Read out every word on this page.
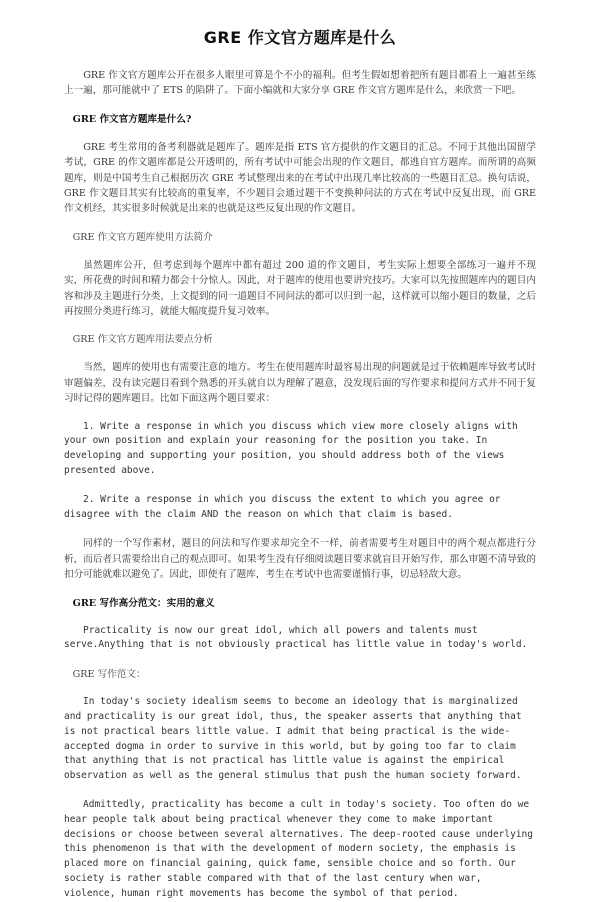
GRE 作文官方题库是什么
GRE 作文官方题库公开在很多人眼里可算是个不小的福利。但考生假如想着把所有题目都看上一遍甚至练上一遍，那可能就中了 ETS 的陷阱了。下面小编就和大家分享 GRE 作文官方题库是什么，来欣赏一下吧。
GRE 作文官方题库是什么?
GRE 考生常用的备考利器就是题库了。题库是指 ETS 官方提供的作文题目的汇总。不同于其他出国留学考试，GRE 的作文题库都是公开透明的，所有考试中可能会出现的作文题目，都逃自官方题库。而所谓的高频题库，则是中国考生自己根据历次 GRE 考试整理出来的在考试中出现几率比较高的一些题目汇总。换句话说，GRE 作文题目其实有比较高的重复率，不少题目会通过题干不变换种问法的方式在考试中反复出现，而 GRE 作文机经，其实很多时候就是出来的也就是这些反复出现的作文题目。
GRE 作文官方题库使用方法简介
虽然题库公开，但考虑到每个题库中都有超过 200 道的作文题目，考生实际上想要全部练习一遍并不现实，所花费的时间和精力都会十分惊人。因此，对于题库的使用也要讲究技巧。大家可以先按照题库内的题目内容和涉及主题进行分类，上文提到的同一道题目不同问法的都可以归到一起，这样就可以缩小题目的数量，之后再按照分类进行练习，就能大幅度提升复习效率。
GRE 作文官方题库用法要点分析
当然，题库的使用也有需要注意的地方。考生在使用题库时最容易出现的问题就是过于依赖题库导致考试时审题偏差，没有读完题目看到个熟悉的开头就自以为理解了题意，没发现后面的写作要求和提问方式并不同于复习时记得的题库题目。比如下面这两个题目要求：
1. Write a response in which you discuss which view more closely aligns with your own position and explain your reasoning for the position you take. In developing and supporting your position, you should address both of the views presented above.
2. Write a response in which you discuss the extent to which you agree or disagree with the claim AND the reason on which that claim is based.
同样的一个写作素材，题目的问法和写作要求却完全不一样，前者需要考生对题目中的两个观点都进行分析，而后者只需要给出自己的观点即可。如果考生没有仔细阅读题目要求就盲目开始写作，那么审题不清导致的扣分可能就难以避免了。因此，即使有了题库，考生在考试中也需要谨慎行事，切忌轻敌大意。
GRE 写作高分范文：实用的意义
Practicality is now our great idol, which all powers and talents must serve.Anything that is not obviously practical has little value in today's world.
GRE 写作范文：
In today's society idealism seems to become an ideology that is marginalized and practicality is our great idol, thus, the speaker asserts that anything that is not practical bears little value. I admit that being practical is the wide-accepted dogma in order to survive in this world, but by going too far to claim that anything that is not practical has little value is against the empirical observation as well as the general stimulus that push the human society forward.
Admittedly, practicality has become a cult in today's society. Too often do we hear people talk about being practical whenever they come to make important decisions or choose between several alternatives. The deep-rooted cause underlying this phenomenon is that with the development of modern society, the emphasis is placed more on financial gaining, quick fame, sensible choice and so forth. Our society is rather stable compared with that of the last century when war, violence, human right movements has become the symbol of that period.
